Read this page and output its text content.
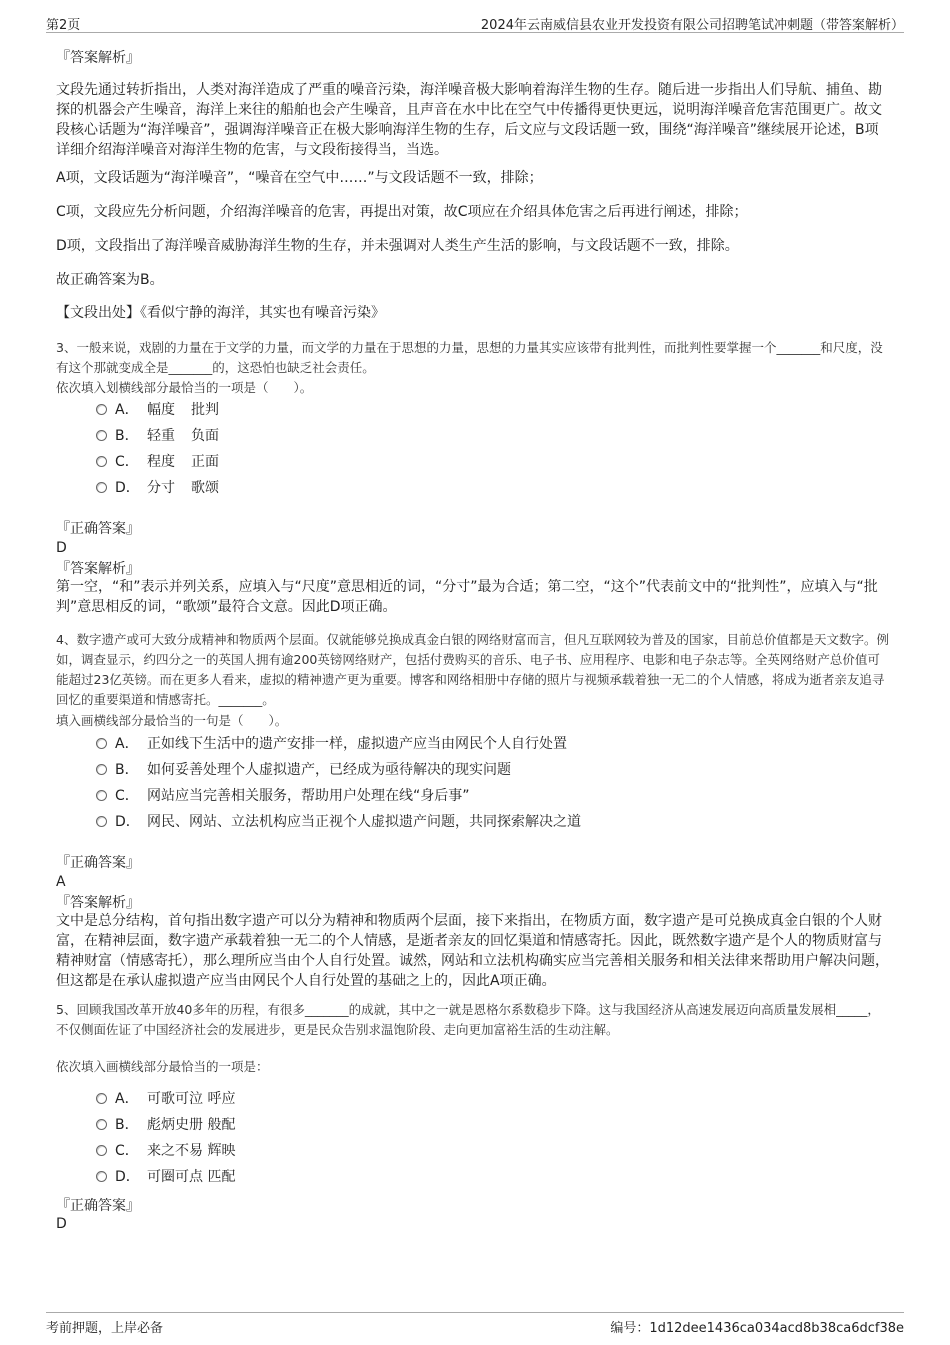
第2页	2024年云南威信县农业开发投资有限公司招聘笔试冲刺题（带答案解析）

『答案解析』

文段先通过转折指出，人类对海洋造成了严重的噪音污染，海洋噪音极大影响着海洋生物的生存。随后进一步指出人们导航、捕鱼、勘探的机器会产生噪音，海洋上来往的船舶也会产生噪音，且声音在水中比在空气中传播得更快更远，说明海洋噪音危害范围更广。故文段核心话题为“海洋噪音”，强调海洋噪音正在极大影响海洋生物的生存，后文应与文段话题一致，围绕“海洋噪音”继续展开论述，B项详细介绍海洋噪音对海洋生物的危害，与文段衔接得当，当选。

A项，文段话题为“海洋噪音”，“噪音在空气中……”与文段话题不一致，排除；

C项，文段应先分析问题，介绍海洋噪音的危害，再提出对策，故C项应在介绍具体危害之后再进行阐述，排除；

D项，文段指出了海洋噪音威胁海洋生物的生存，并未强调对人类生产生活的影响，与文段话题不一致，排除。

故正确答案为B。

【文段出处】《看似宁静的海洋，其实也有噪音污染》

3、一般来说，戏剧的力量在于文学的力量，而文学的力量在于思想的力量，思想的力量其实应该带有批判性，而批判性要掌握一个_______和尺度，没有这个那就变成全是_______的，这恐怕也缺乏社会责任。

依次填入划横线部分最恰当的一项是（　　）。

A． 幅度 批判
B． 轻重 负面
C． 程度 正面
D． 分寸 歌颂

『正确答案』

D

『答案解析』

第一空，“和”表示并列关系，应填入与“尺度”意思相近的词，“分寸”最为合适；第二空，“这个”代表前文中的“批判性”，应填入与“批判”意思相反的词，“歌颂”最符合文意。因此D项正确。

4、数字遗产或可大致分成精神和物质两个层面。仅就能够兑换成真金白银的网络财富而言，但凡互联网较为普及的国家，目前总价值都是天文数字。例如，调查显示，约四分之一的英国人拥有逾200英镑网络财产，包括付费购买的音乐、电子书、应用程序、电影和电子杂志等。全英网络财产总价值可能超过23亿英镑。而在更多人看来，虚拟的精神遗产更为重要。博客和网络相册中存储的照片与视频承载着独一无二的个人情感，将成为逝者亲友追寻回忆的重要渠道和情感寄托。_______。

填入画横线部分最恰当的一句是（　　）。

A． 正如线下生活中的遗产安排一样，虚拟遗产应当由网民个人自行处置
B． 如何妥善处理个人虚拟遗产，已经成为亟待解决的现实问题
C． 网站应当完善相关服务，帮助用户处理在线“身后事”
D． 网民、网站、立法机构应当正视个人虚拟遗产问题，共同探索解决之道

『正确答案』

A

『答案解析』

文中是总分结构，首句指出数字遗产可以分为精神和物质两个层面，接下来指出，在物质方面，数字遗产是可兑换成真金白银的个人财富，在精神层面，数字遗产承载着独一无二的个人情感，是逝者亲友的回忆渠道和情感寄托。因此，既然数字遗产是个人的物质财富与精神财富（情感寄托），那么理所应当由个人自行处置。诚然，网站和立法机构确实应当完善相关服务和相关法律来帮助用户解决问题，但这都是在承认虚拟遗产应当由网民个人自行处置的基础之上的，因此A项正确。

5、回顾我国改革开放40多年的历程，有很多_______的成就，其中之一就是恩格尔系数稳步下降。这与我国经济从高速发展迈向高质量发展相_____，不仅侧面佐证了中国经济社会的发展进步，更是民众告别求温饱阶段、走向更加富裕生活的生动注解。

依次填入画横线部分最恰当的一项是：

A． 可歌可泣 呼应
B． 彪炳史册 般配
C． 来之不易 辉映
D． 可圈可点 匹配

『正确答案』

D

考前押题，上岸必备	编号：1d12dee1436ca034acd8b38ca6dcf38e
